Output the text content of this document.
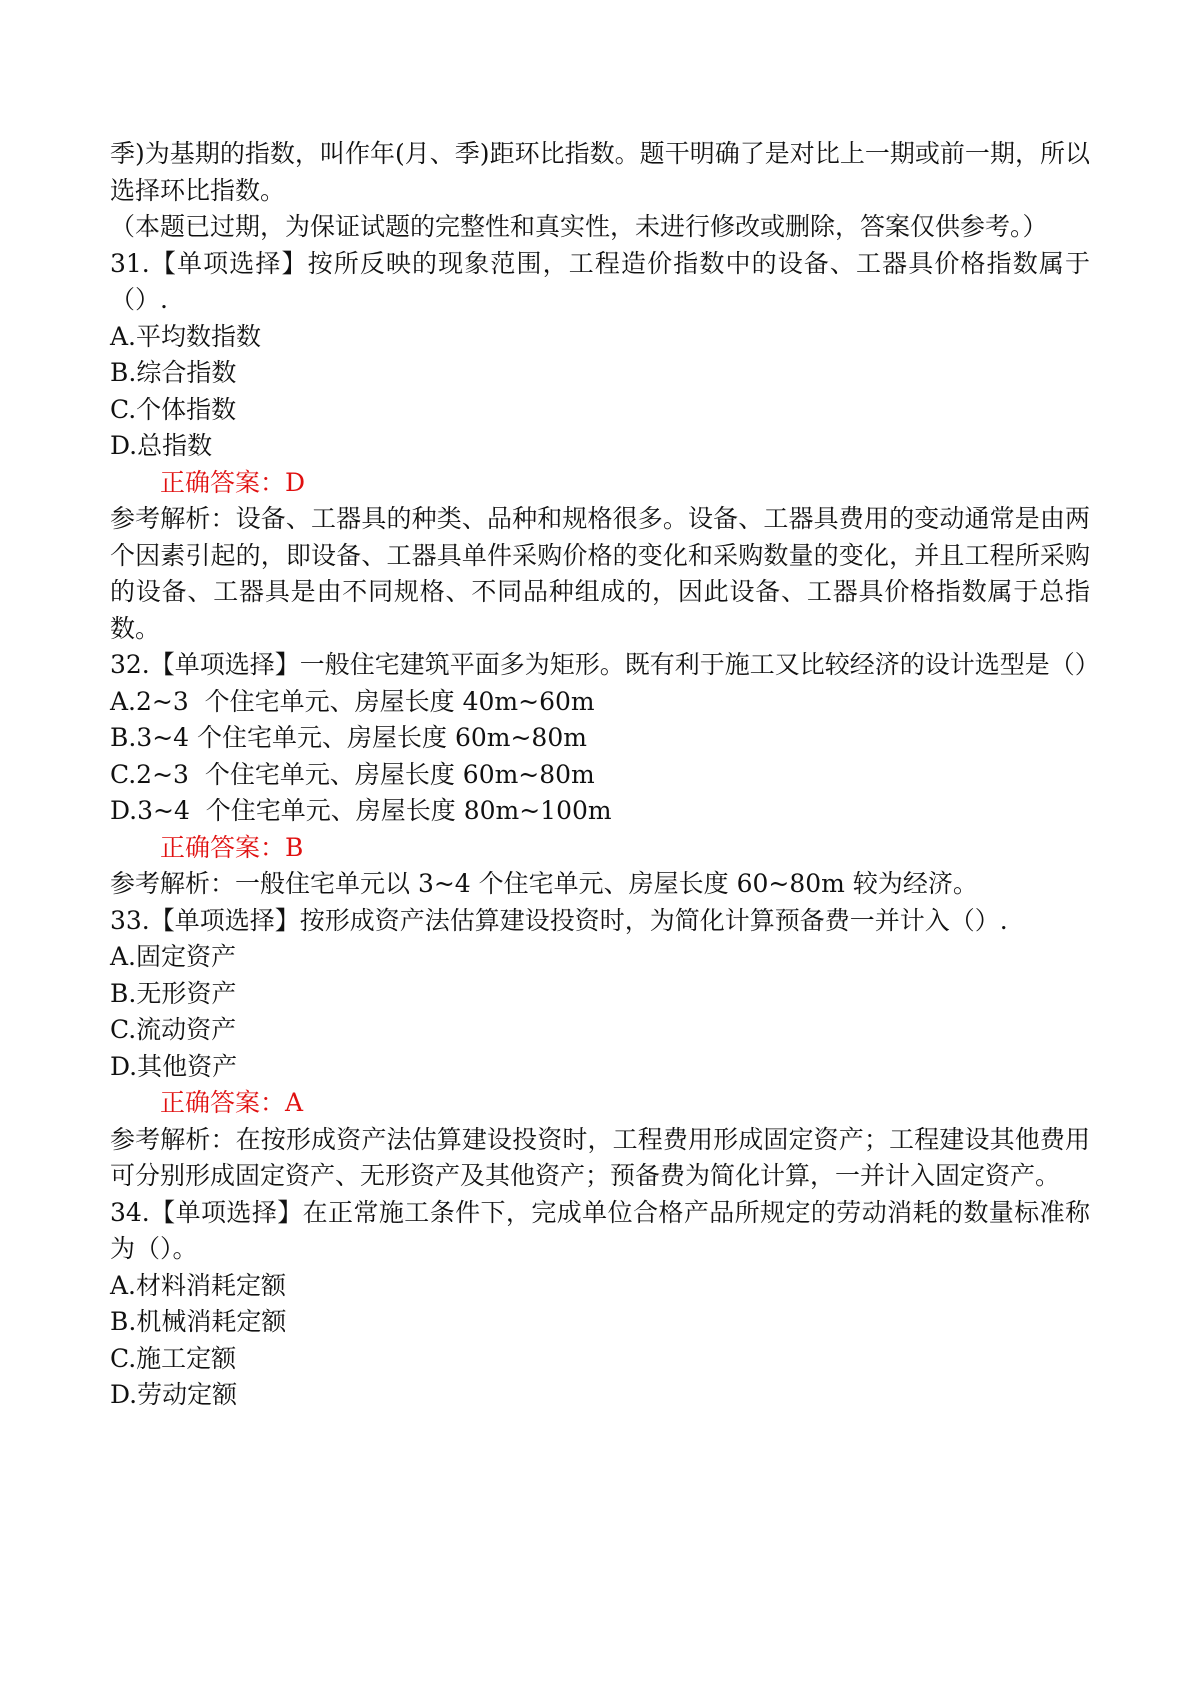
季)为基期的指数，叫作年(月、季)距环比指数。题干明确了是对比上一期或前一期，所以选择环比指数。

（本题已过期，为保证试题的完整性和真实性，未进行修改或删除，答案仅供参考。）

31.【单项选择】按所反映的现象范围，工程造价指数中的设备、工器具价格指数属于（）.

A.平均数指数

B.综合指数

C.个体指数

D.总指数

正确答案：D

参考解析：设备、工器具的种类、品种和规格很多。设备、工器具费用的变动通常是由两个因素引起的，即设备、工器具单件采购价格的变化和采购数量的变化，并且工程所采购的设备、工器具是由不同规格、不同品种组成的，因此设备、工器具价格指数属于总指数。

32.【单项选择】一般住宅建筑平面多为矩形。既有利于施工又比较经济的设计选型是（）

A.2~3  个住宅单元、房屋长度 40m~60m

B.3~4 个住宅单元、房屋长度 60m~80m

C.2~3  个住宅单元、房屋长度 60m~80m

D.3~4  个住宅单元、房屋长度 80m~100m

正确答案：B

参考解析：一般住宅单元以 3~4 个住宅单元、房屋长度 60~80m 较为经济。

33.【单项选择】按形成资产法估算建设投资时，为简化计算预备费一并计入（）.

A.固定资产

B.无形资产

C.流动资产

D.其他资产

正确答案：A

参考解析：在按形成资产法估算建设投资时，工程费用形成固定资产；工程建设其他费用可分别形成固定资产、无形资产及其他资产；预备费为简化计算，一并计入固定资产。

34.【单项选择】在正常施工条件下，完成单位合格产品所规定的劳动消耗的数量标准称为（）。

A.材料消耗定额

B.机械消耗定额

C.施工定额

D.劳动定额
